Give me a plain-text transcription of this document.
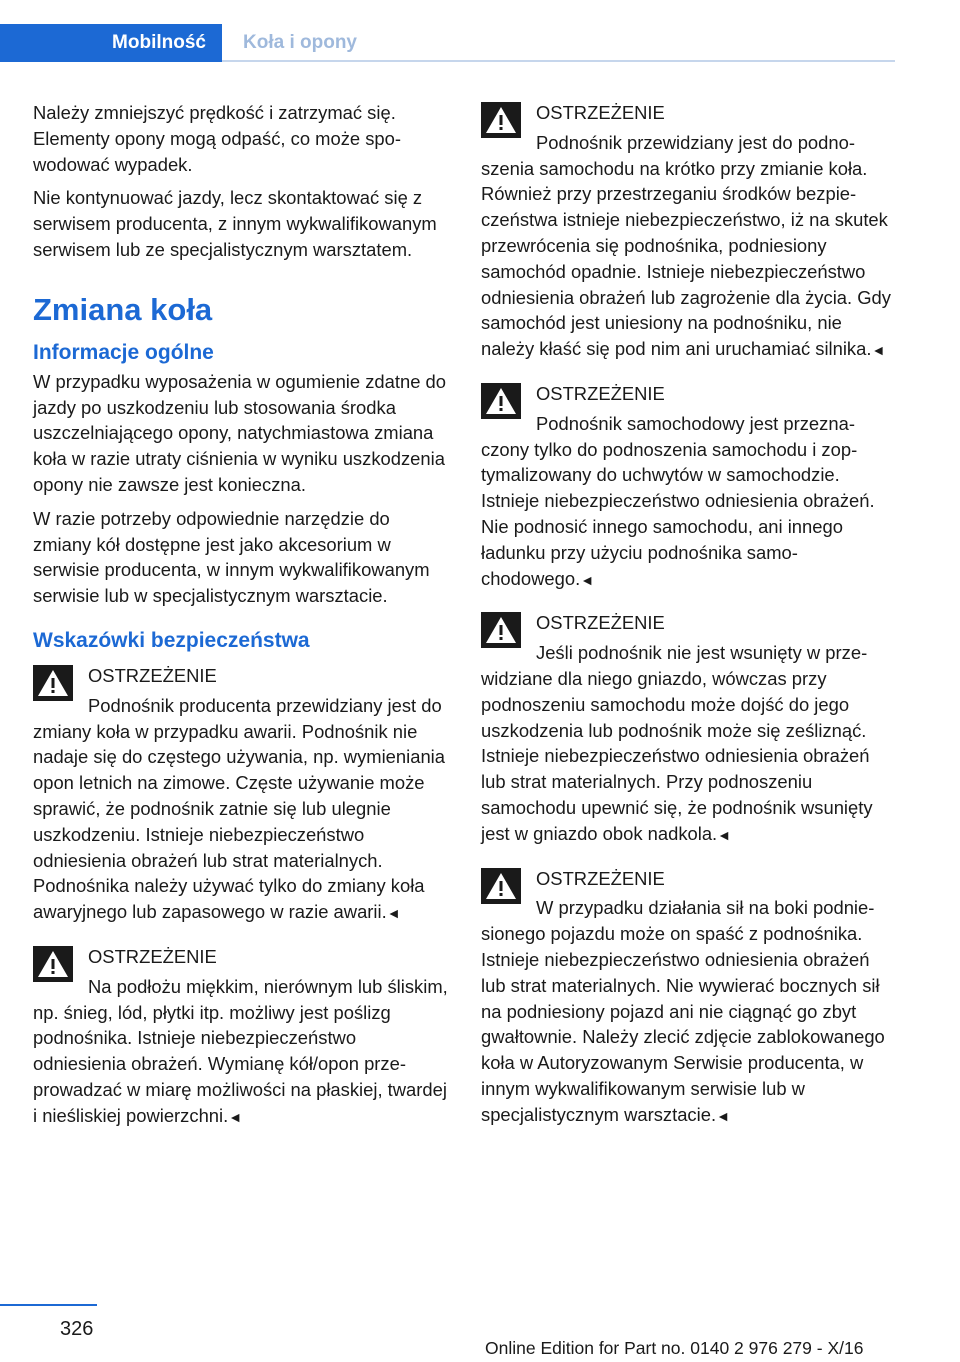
Mobilność	Koła i opony

Należy zmniejszyć prędkość i zatrzymać się. Elementy opony mogą odpaść, co może spowodować wypadek.

Nie kontynuować jazdy, lecz skontaktować się z serwisem producenta, z innym wykwalifikowanym serwisem lub ze specjalistycznym warsztatem.

Zmiana koła
Informacje ogólne

W przypadku wyposażenia w ogumienie zdatne do jazdy po uszkodzeniu lub stosowania środka uszczelniającego opony, natychmiastowa zmiana koła w razie utraty ciśnienia w wyniku uszkodzenia opony nie zawsze jest konieczna.

W razie potrzeby odpowiednie narzędzie do zmiany kół dostępne jest jako akcesorium w serwisie producenta, w innym wykwalifikowanym serwisie lub w specjalistycznym warsztacie.

Wskazówki bezpieczeństwa
OSTRZEŻENIE

Podnośnik producenta przewidziany jest do zmiany koła w przypadku awarii. Podnośnik nie nadaje się do częstego używania, np. wymieniania opon letnich na zimowe. Częste używanie może sprawić, że podnośnik zatnie się lub ulegnie uszkodzeniu. Istnieje niebezpieczeństwo odniesienia obrażeń lub strat materialnych. Podnośnika należy używać tylko do zmiany koła awaryjnego lub zapasowego w razie awarii.◄

OSTRZEŻENIE

Na podłożu miękkim, nierównym lub śliskim, np. śnieg, lód, płytki itp. możliwy jest poślizg podnośnika. Istnieje niebezpieczeństwo odniesienia obrażeń. Wymianę kół/opon przeprowadzać w miarę możliwości na płaskiej, twardej i nieśliskiej powierzchni.◄

OSTRZEŻENIE

Podnośnik przewidziany jest do podnoszenia samochodu na krótko przy zmianie koła. Również przy przestrzeganiu środków bezpieczeństwa istnieje niebezpieczeństwo, iż na skutek przewrócenia się podnośnika, podniesiony samochód opadnie. Istnieje niebezpieczeństwo odniesienia obrażeń lub zagrożenie dla życia. Gdy samochód jest uniesiony na podnośniku, nie należy kłaść się pod nim ani uruchamiać silnika.◄

OSTRZEŻENIE

Podnośnik samochodowy jest przeznaczony tylko do podnoszenia samochodu i zoptymalizowany do uchwytów w samochodzie. Istnieje niebezpieczeństwo odniesienia obrażeń. Nie podnosić innego samochodu, ani innego ładunku przy użyciu podnośnika samochodowego.◄

OSTRZEŻENIE

Jeśli podnośnik nie jest wsunięty w przewidziane dla niego gniazdo, wówczas przy podnoszeniu samochodu może dojść do jego uszkodzenia lub podnośnik może się ześliznąć. Istnieje niebezpieczeństwo odniesienia obrażeń lub strat materialnych. Przy podnoszeniu samochodu upewnić się, że podnośnik wsunięty jest w gniazdo obok nadkola.◄

OSTRZEŻENIE

W przypadku działania sił na boki podniesionego pojazdu może on spaść z podnośnika. Istnieje niebezpieczeństwo odniesienia obrażeń lub strat materialnych. Nie wywierać bocznych sił na podniesiony pojazd ani nie ciągnąć go zbyt gwałtownie. Należy zlecić zdjęcie zablokowanego koła w Autoryzowanym Serwisie producenta, w innym wykwalifikowanym serwisie lub w specjalistycznym warsztacie.◄

326
Online Edition for Part no. 0140 2 976 279 - X/16
